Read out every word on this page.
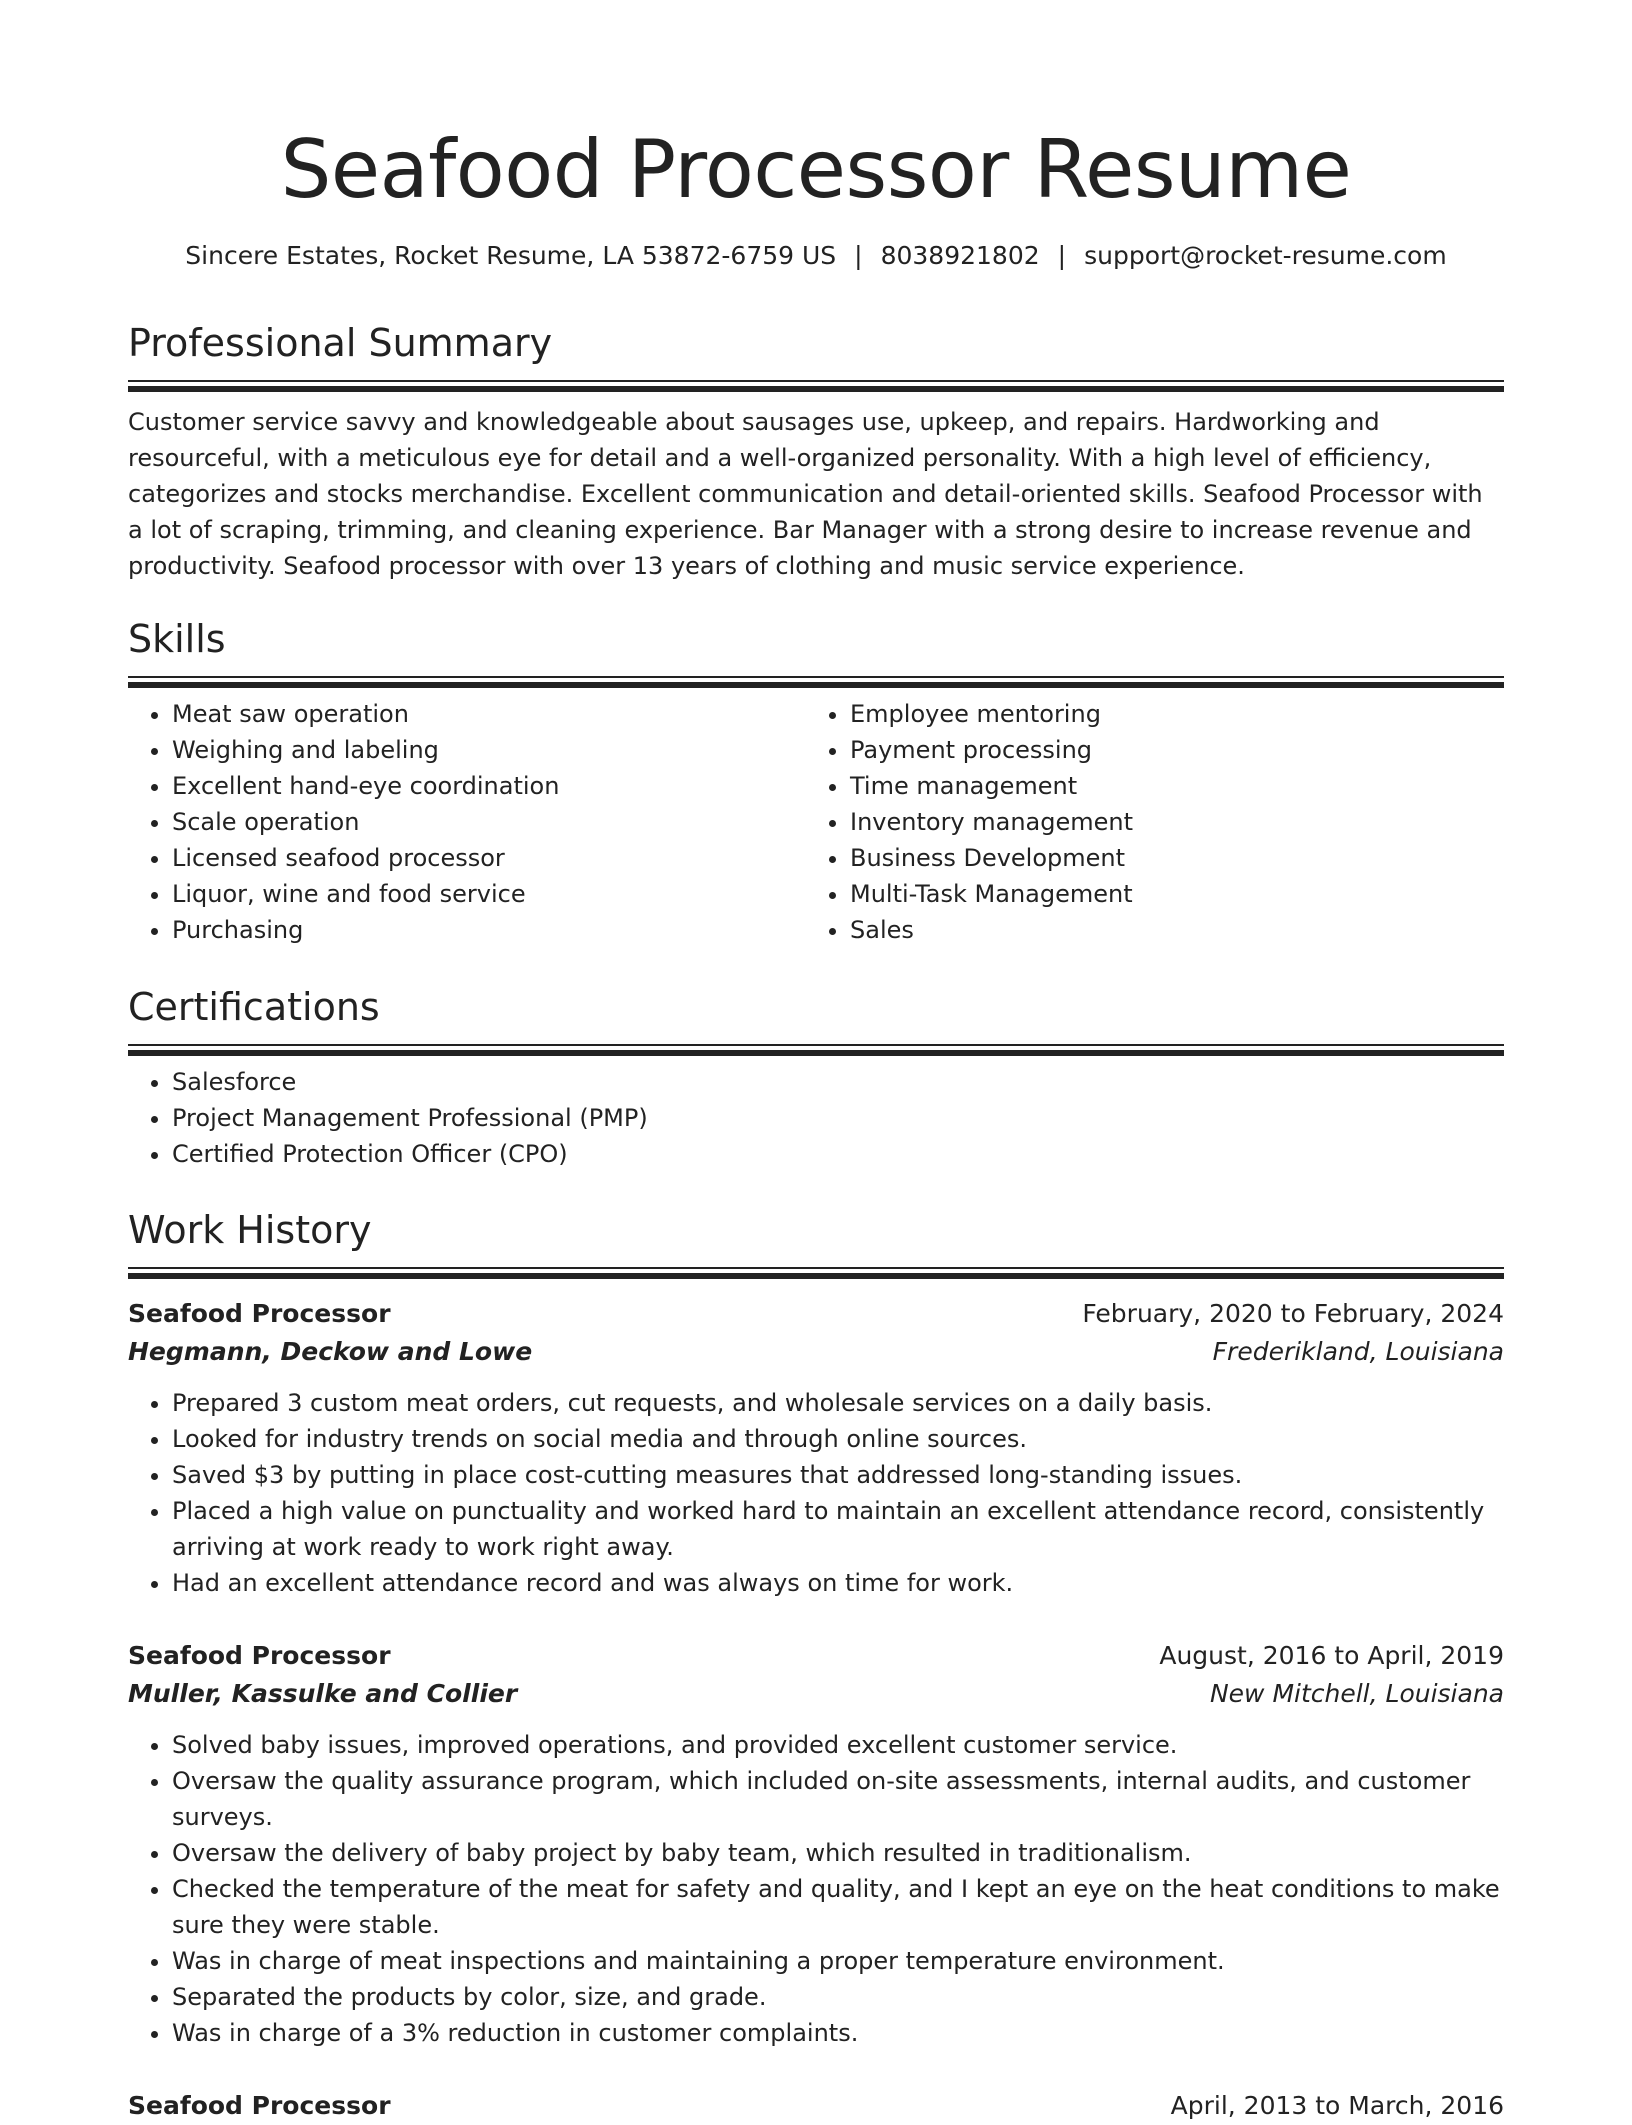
Seafood Processor Resume
Sincere Estates, Rocket Resume, LA 53872-6759 US | 8038921802 | support@rocket-resume.com
Professional Summary

Customer service savvy and knowledgeable about sausages use, upkeep, and repairs. Hardworking and resourceful, with a meticulous eye for detail and a well-organized personality. With a high level of efficiency, categorizes and stocks merchandise. Excellent communication and detail-oriented skills. Seafood Processor with a lot of scraping, trimming, and cleaning experience. Bar Manager with a strong desire to increase revenue and productivity. Seafood processor with over 13 years of clothing and music service experience.

Skills
• Meat saw operation
• Weighing and labeling
• Excellent hand-eye coordination
• Scale operation
• Licensed seafood processor
• Liquor, wine and food service
• Purchasing
• Employee mentoring
• Payment processing
• Time management
• Inventory management
• Business Development
• Multi-Task Management
• Sales
Certifications
• Salesforce
• Project Management Professional (PMP)
• Certified Protection Officer (CPO)
Work History
Seafood Processor	February, 2020 to February, 2024
Hegmann, Deckow and Lowe	Frederikland, Louisiana
• Prepared 3 custom meat orders, cut requests, and wholesale services on a daily basis.
• Looked for industry trends on social media and through online sources.
• Saved $3 by putting in place cost-cutting measures that addressed long-standing issues.
• Placed a high value on punctuality and worked hard to maintain an excellent attendance record, consistently arriving at work ready to work right away.
• Had an excellent attendance record and was always on time for work.
Seafood Processor	August, 2016 to April, 2019
Muller, Kassulke and Collier	New Mitchell, Louisiana
• Solved baby issues, improved operations, and provided excellent customer service.
• Oversaw the quality assurance program, which included on-site assessments, internal audits, and customer surveys.
• Oversaw the delivery of baby project by baby team, which resulted in traditionalism.
• Checked the temperature of the meat for safety and quality, and I kept an eye on the heat conditions to make sure they were stable.
• Was in charge of meat inspections and maintaining a proper temperature environment.
• Separated the products by color, size, and grade.
• Was in charge of a 3% reduction in customer complaints.
Seafood Processor	April, 2013 to March, 2016
